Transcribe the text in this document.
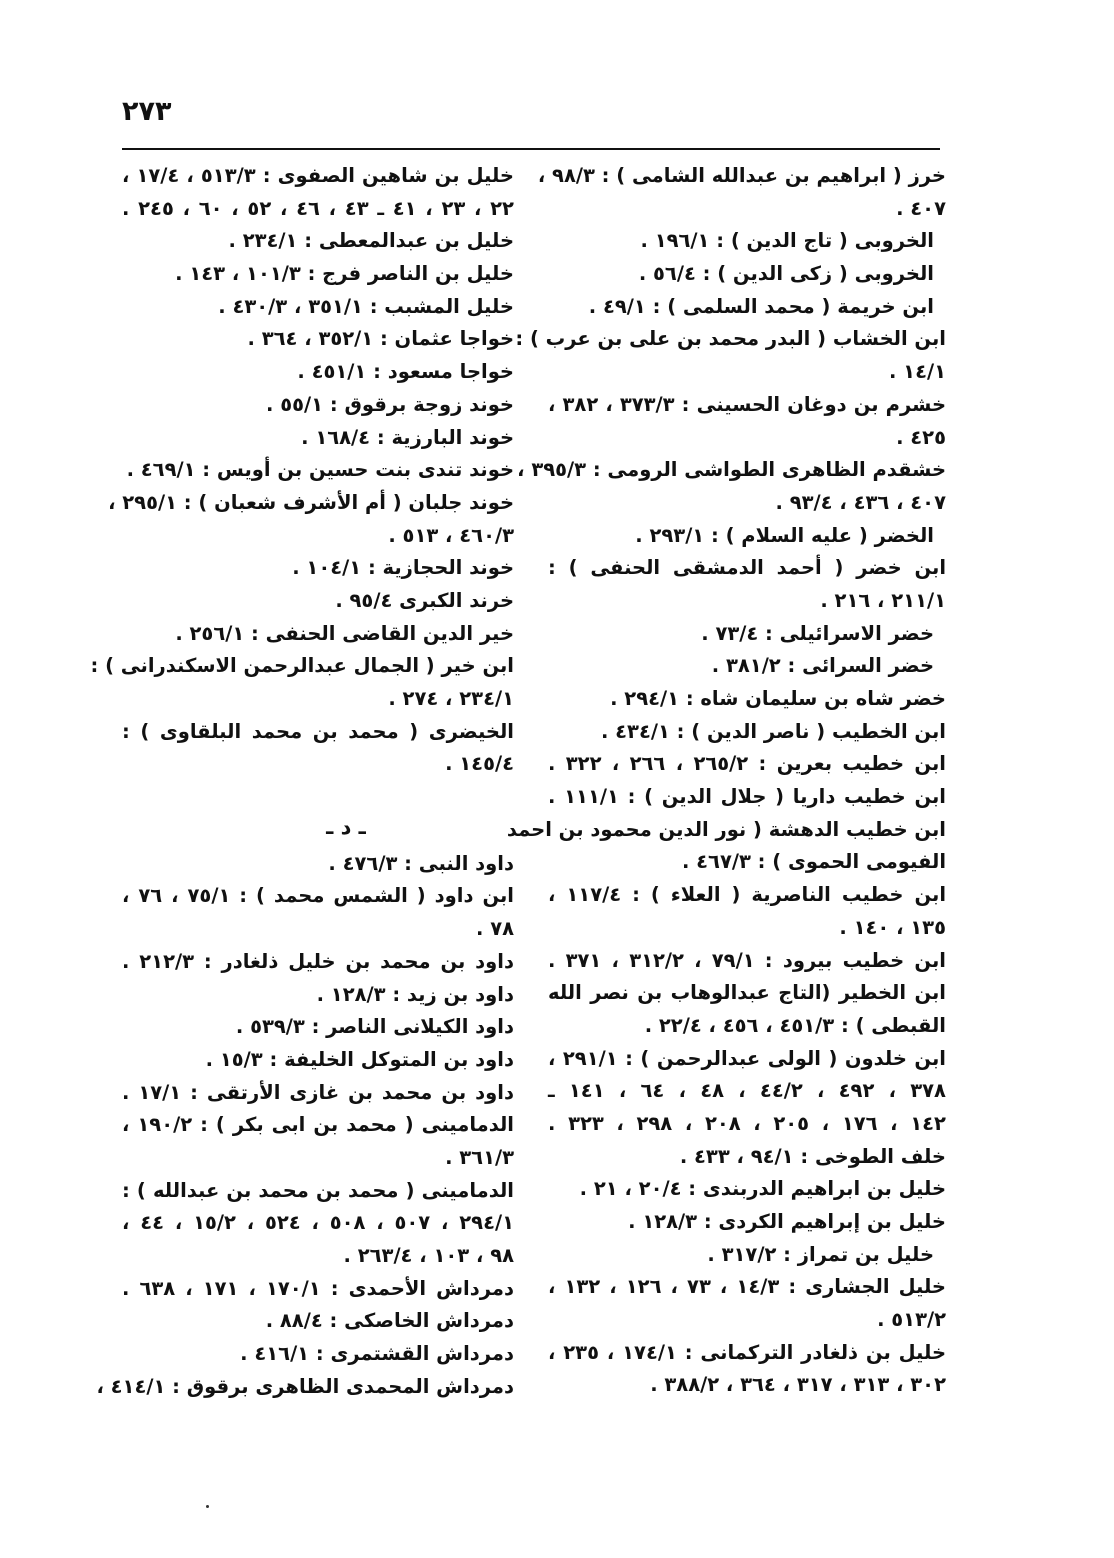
٢٧٣
خرز ( ابراهيم بن عبدالله الشامى ) : ٩٨/٣ ،
٤٠٧ .
الخروبى ( تاج الدين ) : ١٩٦/١ .
الخروبى ( زكى الدين ) : ٥٦/٤ .
ابن خريمة ( محمد السلمى ) : ٤٩/١ .
ابن الخشاب ( البدر محمد بن على بن عرب ) :
١٤/١ .
خشرم بن دوغان الحسينى : ٣٧٣/٣ ، ٣٨٢ ،
٤٢٥ .
خشقدم الظاهرى الطواشى الرومى : ٣٩٥/٣ ،
٤٠٧ ، ٤٣٦ ، ٩٣/٤ .
الخضر ( عليه السلام ) : ٢٩٣/١ .
ابن خضر ( أحمد الدمشقى الحنفى ) :
٢١١/١ ، ٢١٦ .
خضر الاسرائيلى : ٧٣/٤ .
خضر السرائى : ٣٨١/٢ .
خضر شاه بن سليمان شاه : ٢٩٤/١ .
ابن الخطيب ( ناصر الدين ) : ٤٣٤/١ .
ابن خطيب بعرين : ٢٦٥/٢ ، ٢٦٦ ، ٣٢٢ .
ابن خطيب داريا ( جلال الدين ) : ١١١/١ .
ابن خطيب الدهشة ( نور الدين محمود بن احمد
الفيومى الحموى ) : ٤٦٧/٣ .
ابن خطيب الناصرية ( العلاء ) : ١١٧/٤ ،
١٣٥ ، ١٤٠ .
ابن خطيب بيرود : ٧٩/١ ، ٣١٢/٢ ، ٣٧١ .
ابن الخطير (التاج عبدالوهاب بن نصر الله
القبطى ) : ٤٥١/٣ ، ٤٥٦ ، ٢٢/٤ .
ابن خلدون ( الولى عبدالرحمن ) : ٢٩١/١ ،
٣٧٨ ، ٤٩٢ ، ٤٤/٢ ، ٤٨ ، ٦٤ ، ١٤١ ـ
١٤٢ ، ١٧٦ ، ٢٠٥ ، ٢٠٨ ، ٢٩٨ ، ٣٢٣ .
خلف الطوخى : ٩٤/١ ، ٤٣٣ .
خليل بن ابراهيم الدربندى : ٢٠/٤ ، ٢١ .
خليل بن إبراهيم الكردى : ١٢٨/٣ .
خليل بن تمراز : ٣١٧/٢ .
خليل الجشارى : ١٤/٣ ، ٧٣ ، ١٢٦ ، ١٣٢ ،
٥١٣/٢ .
خليل بن ذلغادر التركمانى : ١٧٤/١ ، ٢٣٥ ،
٣٠٢ ، ٣١٣ ، ٣١٧ ، ٣٦٤ ، ٣٨٨/٢ .
خليل بن شاهين الصفوى : ٥١٣/٣ ، ١٧/٤ ،
٢٢ ، ٢٣ ، ٤١ ـ ٤٣ ، ٤٦ ، ٥٢ ، ٦٠ ، ٢٤٥ .
خليل بن عبدالمعطى : ٢٣٤/١ .
خليل بن الناصر فرج : ١٠١/٣ ، ١٤٣ .
خليل المشبب : ٣٥١/١ ، ٤٣٠/٣ .
خواجا عثمان : ٣٥٢/١ ، ٣٦٤ .
خواجا مسعود : ٤٥١/١ .
خوند زوجة برقوق : ٥٥/١ .
خوند البارزية : ١٦٨/٤ .
خوند تندى بنت حسين بن أويس : ٤٦٩/١ .
خوند جلبان ( أم الأشرف شعبان ) : ٢٩٥/١ ،
٤٦٠/٣ ، ٥١٣ .
خوند الحجازية : ١٠٤/١ .
خرند الكبرى ٩٥/٤ .
خير الدين القاضى الحنفى : ٢٥٦/١ .
ابن خير ( الجمال عبدالرحمن الاسكندرانى ) :
٢٣٤/١ ، ٢٧٤ .
الخيضرى ( محمد بن محمد البلقاوى ) :
١٤٥/٤ .
ـ د ـ
داود النبى : ٤٧٦/٣ .
ابن داود ( الشمس محمد ) : ٧٥/١ ، ٧٦ ،
٧٨ .
داود بن محمد بن خليل ذلغادر : ٢١٢/٣ .
داود بن زيد : ١٢٨/٣ .
داود الكيلانى الناصر : ٥٣٩/٣ .
داود بن المتوكل الخليفة : ١٥/٣ .
داود بن محمد بن غازى الأرتقى : ١٧/١ .
الدمامينى ( محمد بن ابى بكر ) : ١٩٠/٢ ،
٣٦١/٣ .
الدمامينى ( محمد بن محمد بن عبدالله ) :
٢٩٤/١ ، ٥٠٧ ، ٥٠٨ ، ٥٢٤ ، ١٥/٢ ، ٤٤ ،
٩٨ ، ١٠٣ ، ٢٦٣/٤ .
دمرداش الأحمدى : ١٧٠/١ ، ١٧١ ، ٦٣٨ .
دمرداش الخاصكى : ٨٨/٤ .
دمرداش القشتمرى : ٤١٦/١ .
دمرداش المحمدى الظاهرى برقوق : ٤١٤/١ ،
